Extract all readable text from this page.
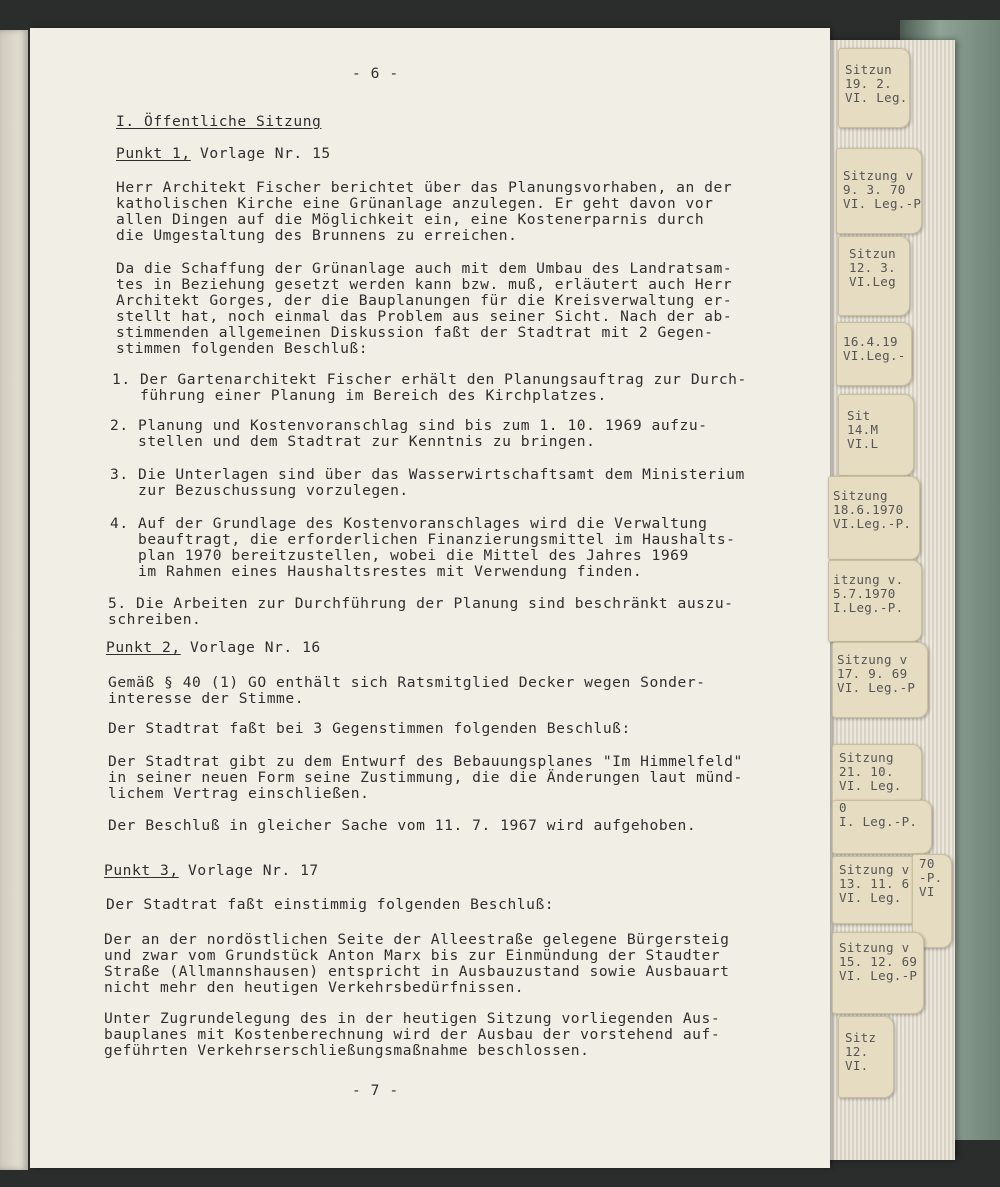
- 6 -

I. Öffentliche Sitzung

Punkt 1, Vorlage Nr. 15

Herr Architekt Fischer berichtet über das Planungsvorhaben, an der

katholischen Kirche eine Grünanlage anzulegen. Er geht davon vor

allen Dingen auf die Möglichkeit ein, eine Kostenerparnis durch

die Umgestaltung des Brunnens zu erreichen.

Da die Schaffung der Grünanlage auch mit dem Umbau des Landratsam-

tes in Beziehung gesetzt werden kann bzw. muß, erläutert auch Herr

Architekt Gorges, der die Bauplanungen für die Kreisverwaltung er-

stellt hat, noch einmal das Problem aus seiner Sicht. Nach der ab-

stimmenden allgemeinen Diskussion faßt der Stadtrat mit 2 Gegen-

stimmen folgenden Beschluß:

1. Der Gartenarchitekt Fischer erhält den Planungsauftrag zur Durch-

führung einer Planung im Bereich des Kirchplatzes.

2. Planung und Kostenvoranschlag sind bis zum 1. 10. 1969 aufzu-

stellen und dem Stadtrat zur Kenntnis zu bringen.

3. Die Unterlagen sind über das Wasserwirtschaftsamt dem Ministerium

zur Bezuschussung vorzulegen.

4. Auf der Grundlage des Kostenvoranschlages wird die Verwaltung

beauftragt, die erforderlichen Finanzierungsmittel im Haushalts-

plan 1970 bereitzustellen, wobei die Mittel des Jahres 1969

im Rahmen eines Haushaltsrestes mit Verwendung finden.

5. Die Arbeiten zur Durchführung der Planung sind beschränkt auszu-

schreiben.

Punkt 2, Vorlage Nr. 16

Gemäß § 40 (1) GO enthält sich Ratsmitglied Decker wegen Sonder-

interesse der Stimme.

Der Stadtrat faßt bei 3 Gegenstimmen folgenden Beschluß:

Der Stadtrat gibt zu dem Entwurf des Bebauungsplanes "Im Himmelfeld"

in seiner neuen Form seine Zustimmung, die die Änderungen laut münd-

lichem Vertrag einschließen.

Der Beschluß in gleicher Sache vom 11. 7. 1967 wird aufgehoben.

Punkt 3, Vorlage Nr. 17

Der Stadtrat faßt einstimmig folgenden Beschluß:

Der an der nordöstlichen Seite der Alleestraße gelegene Bürgersteig

und zwar vom Grundstück Anton Marx bis zur Einmündung der Staudter

Straße (Allmannshausen) entspricht in Ausbauzustand sowie Ausbauart

nicht mehr den heutigen Verkehrsbedürfnissen.

Unter Zugrundelegung des in der heutigen Sitzung vorliegenden Aus-

bauplanes mit Kostenberechnung wird der Ausbau der vorstehend auf-

geführten Verkehrserschließungsmaßnahme beschlossen.

- 7 -

Sitzun
19. 2.
VI. Leg.
Sitzung v
9. 3. 70
VI. Leg.-P
Sitzun
12. 3.
VI.Leg
16.4.19
VI.Leg.-
Sit
14.M
VI.L
Sitzung
18.6.1970
VI.Leg.-P.
itzung v.
5.7.1970
I.Leg.-P.
Sitzung v
17. 9. 69
VI. Leg.-P
Sitzung
21. 10.
VI. Leg.
0
I. Leg.-P.
Sitzung v
13. 11. 6
VI. Leg.
70
-P.
VI
Sitzung v
15. 12. 69
VI. Leg.-P
Sitz
12.
VI.
